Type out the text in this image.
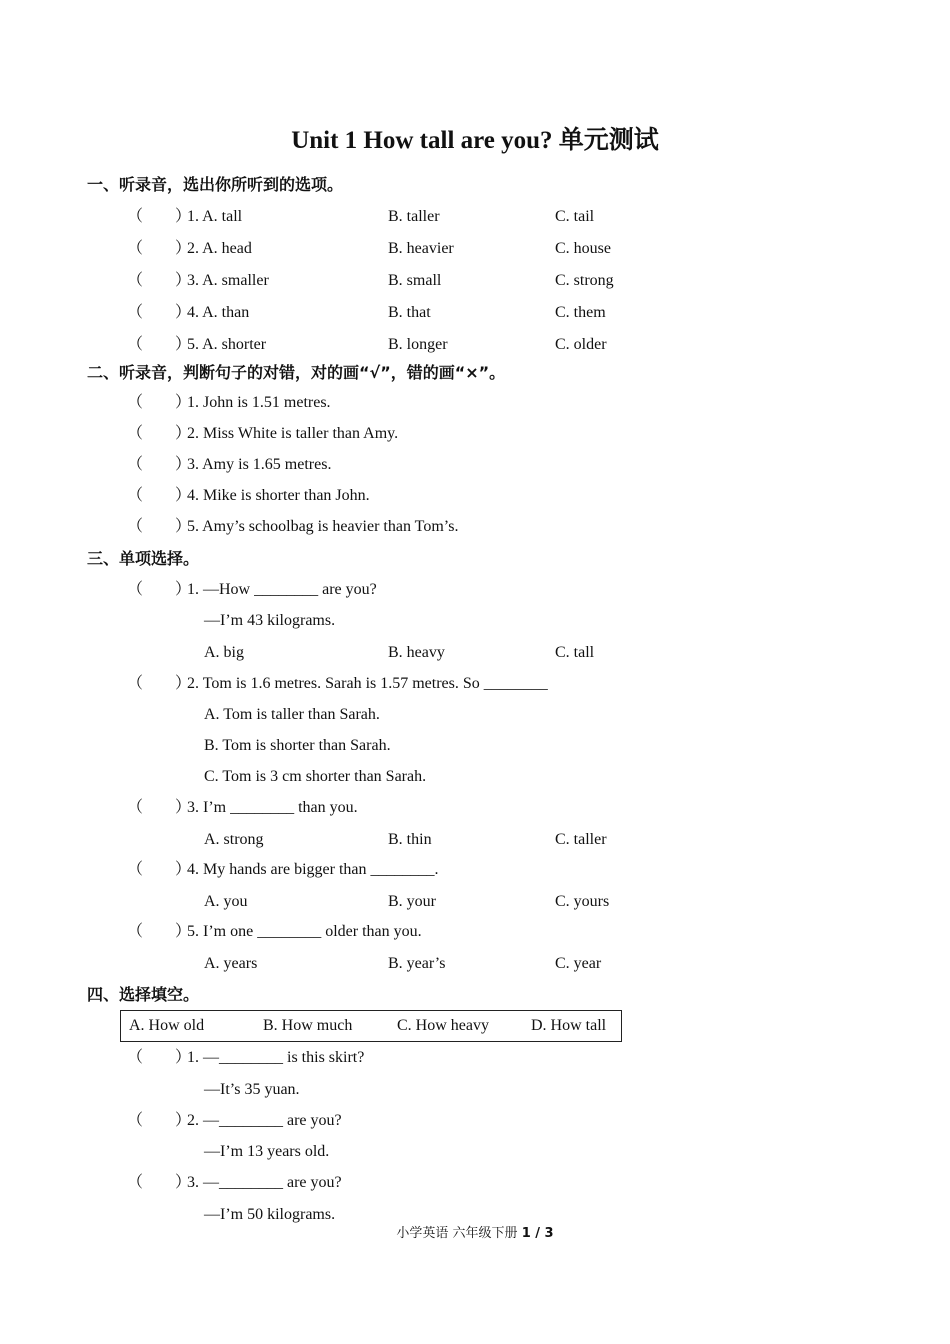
Unit 1 How tall are you? 单元测试
一、听录音，选出你所听到的选项。
（　　）
1. A. tall	B. taller	C. tail
（　　）
2. A. head	B. heavier	C. house
（　　）
3. A. smaller	B. small	C. strong
（　　）
4. A. than	B. that	C. them
（　　）
5. A. shorter	B. longer	C. older
二、听录音，判断句子的对错，对的画“√”，错的画“×”。
（　　）
1. John is 1.51 metres.
（　　）
2. Miss White is taller than Amy.
（　　）
3. Amy is 1.65 metres.
（　　）
4. Mike is shorter than John.
（　　）
5. Amy’s schoolbag is heavier than Tom’s.
三、单项选择。
（　　）
1. —How ________ are you?
—I’m 43 kilograms.
A. big	B. heavy	C. tall
（　　）
2. Tom is 1.6 metres. Sarah is 1.57 metres. So ________
A. Tom is taller than Sarah.
B. Tom is shorter than Sarah.
C. Tom is 3 cm shorter than Sarah.
（　　）
3. I’m ________ than you.
A. strong	B. thin	C. taller
（　　）
4. My hands are bigger than ________.
A. you	B. your	C. yours
（　　）
5. I’m one ________ older than you.
A. years	B. year’s	C. year
四、选择填空。
A. How old	B. How much	C. How heavy	D. How tall
（　　）
1. —________ is this skirt?
—It’s 35 yuan.
（　　）
2. —________ are you?
—I’m 13 years old.
（　　）
3. —________ are you?
—I’m 50 kilograms.
小学英语 六年级下册 1 / 3
